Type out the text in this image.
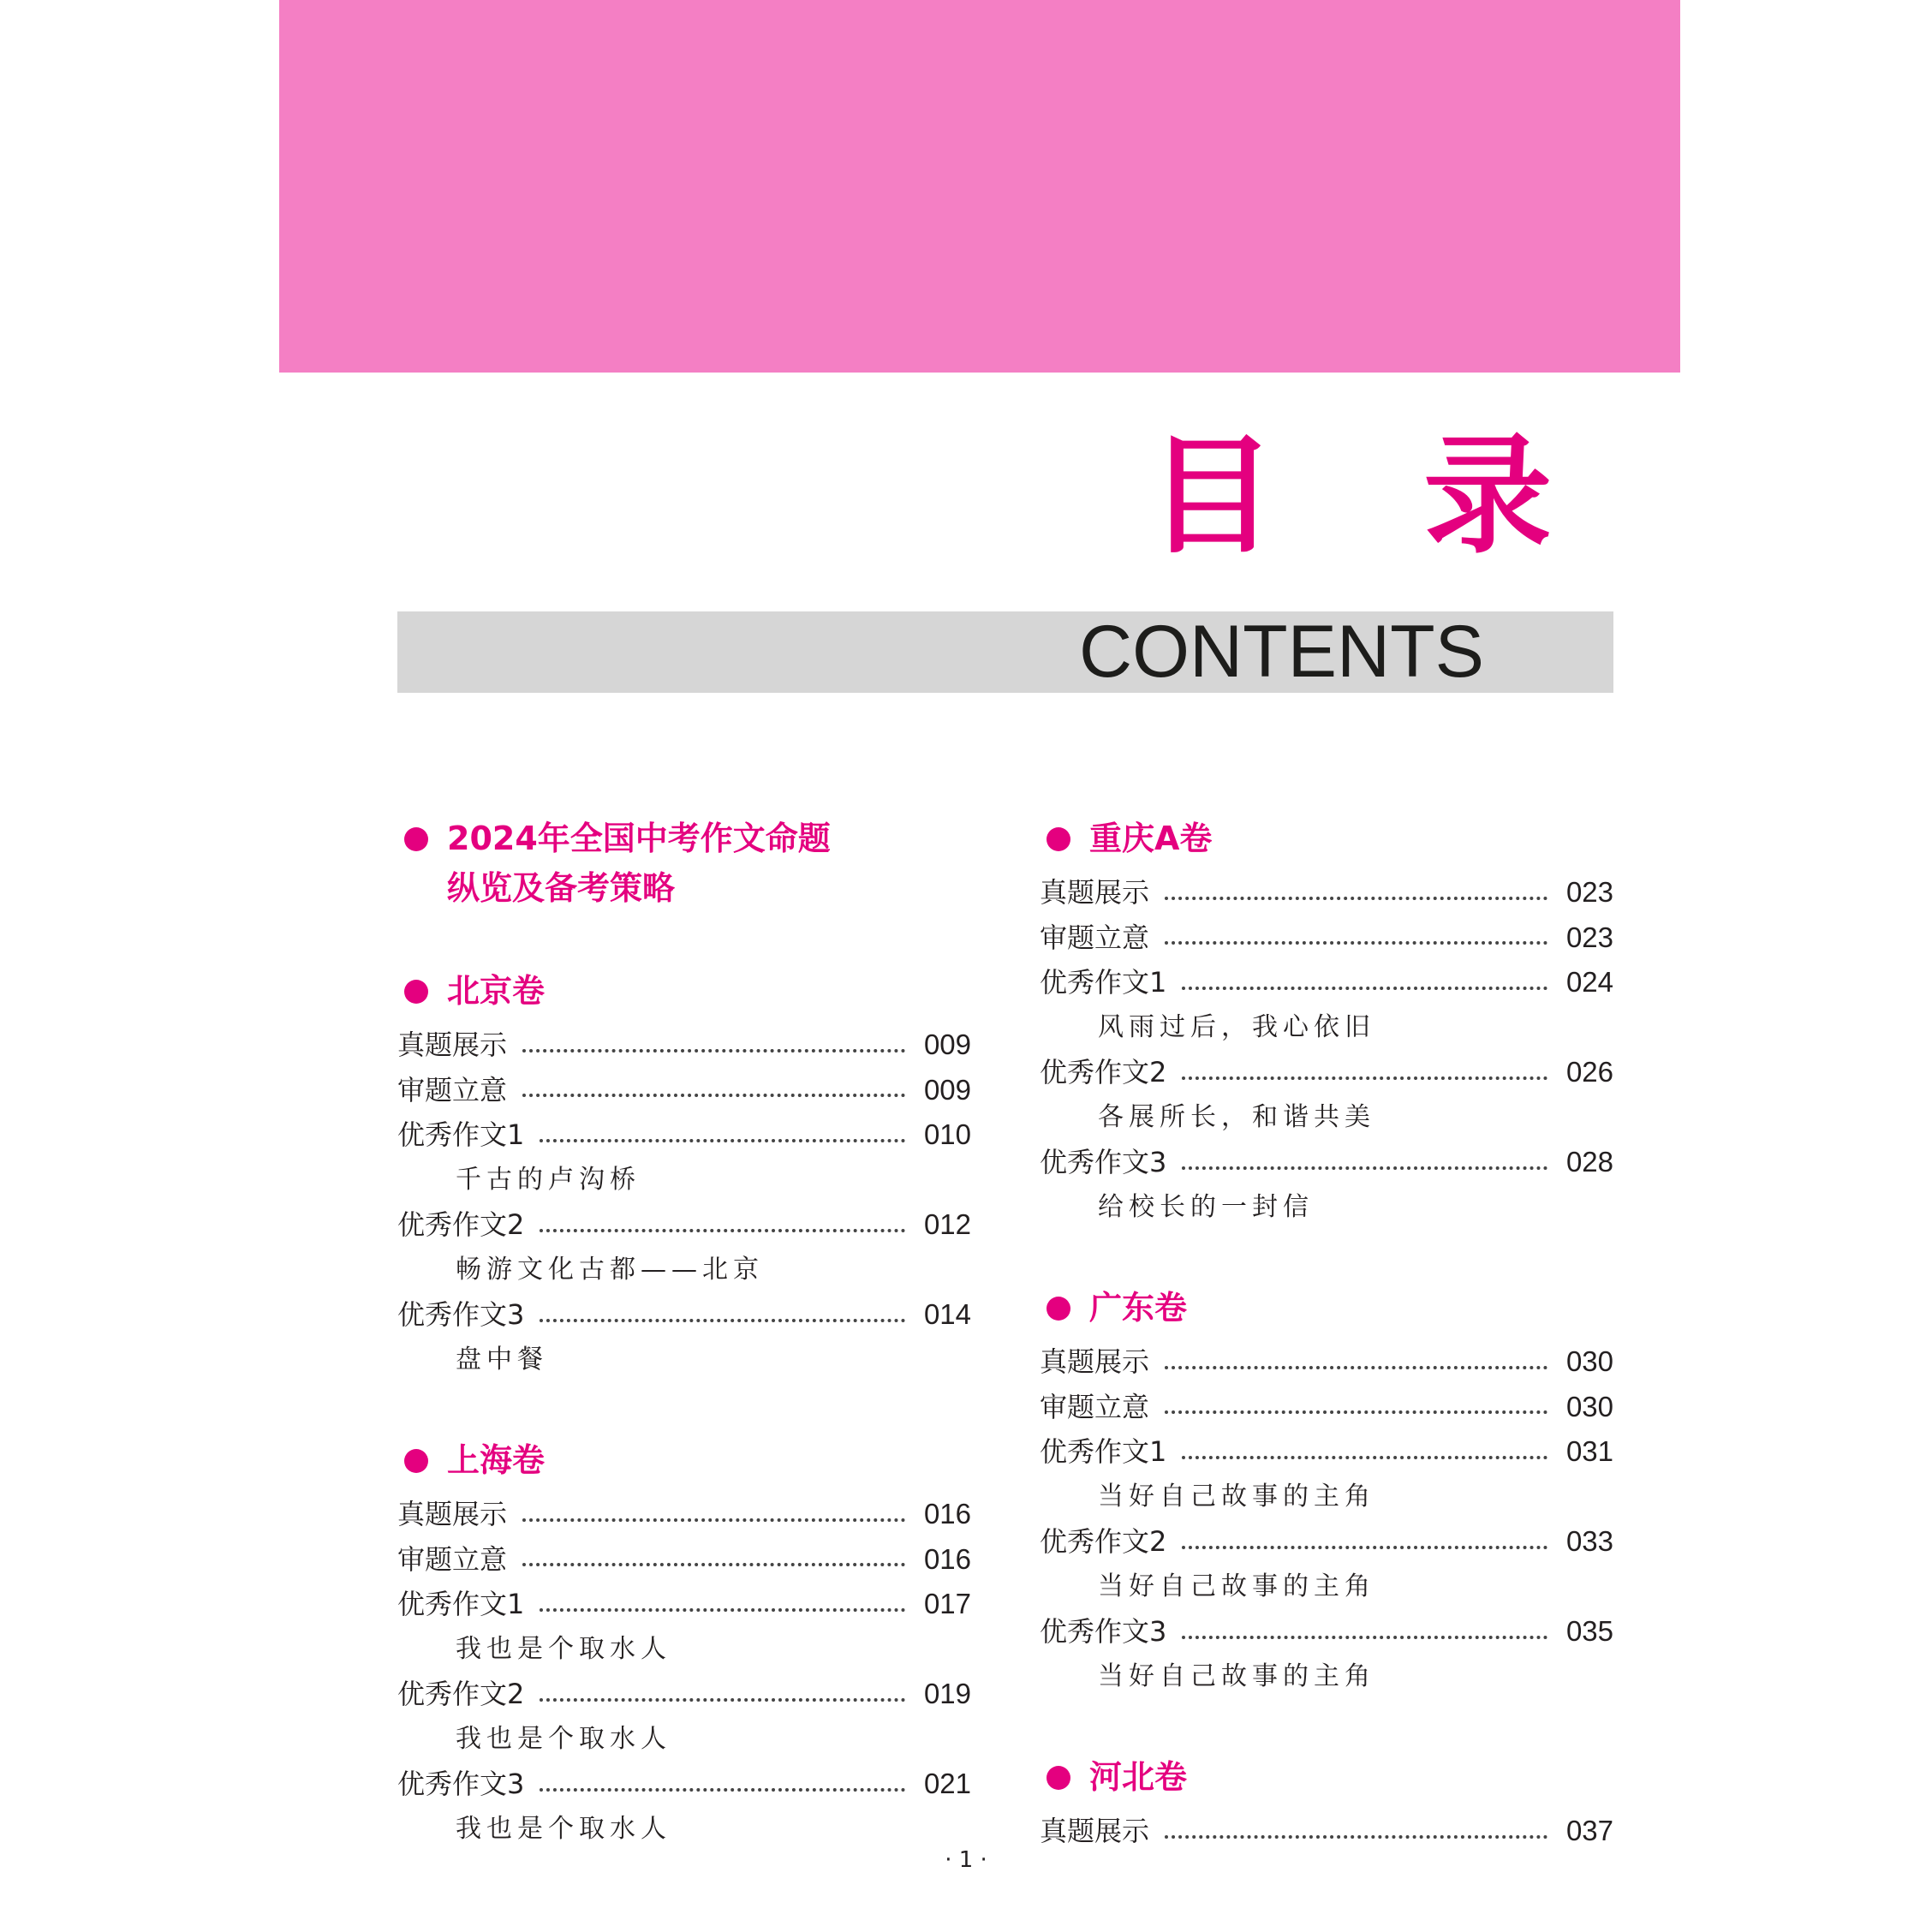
目 录
CONTENTS
2024年全国中考作文命题
纵览及备考策略
北京卷
真题展示	009
审题立意	009
优秀作文1	010
千古的卢沟桥
优秀作文2	012
畅游文化古都——北京
优秀作文3	014
盘中餐
上海卷
真题展示	016
审题立意	016
优秀作文1	017
我也是个取水人
优秀作文2	019
我也是个取水人
优秀作文3	021
我也是个取水人
重庆A卷
真题展示	023
审题立意	023
优秀作文1	024
风雨过后，我心依旧
优秀作文2	026
各展所长，和谐共美
优秀作文3	028
给校长的一封信
广东卷
真题展示	030
审题立意	030
优秀作文1	031
当好自己故事的主角
优秀作文2	033
当好自己故事的主角
优秀作文3	035
当好自己故事的主角
河北卷
真题展示	037
· 1 ·
